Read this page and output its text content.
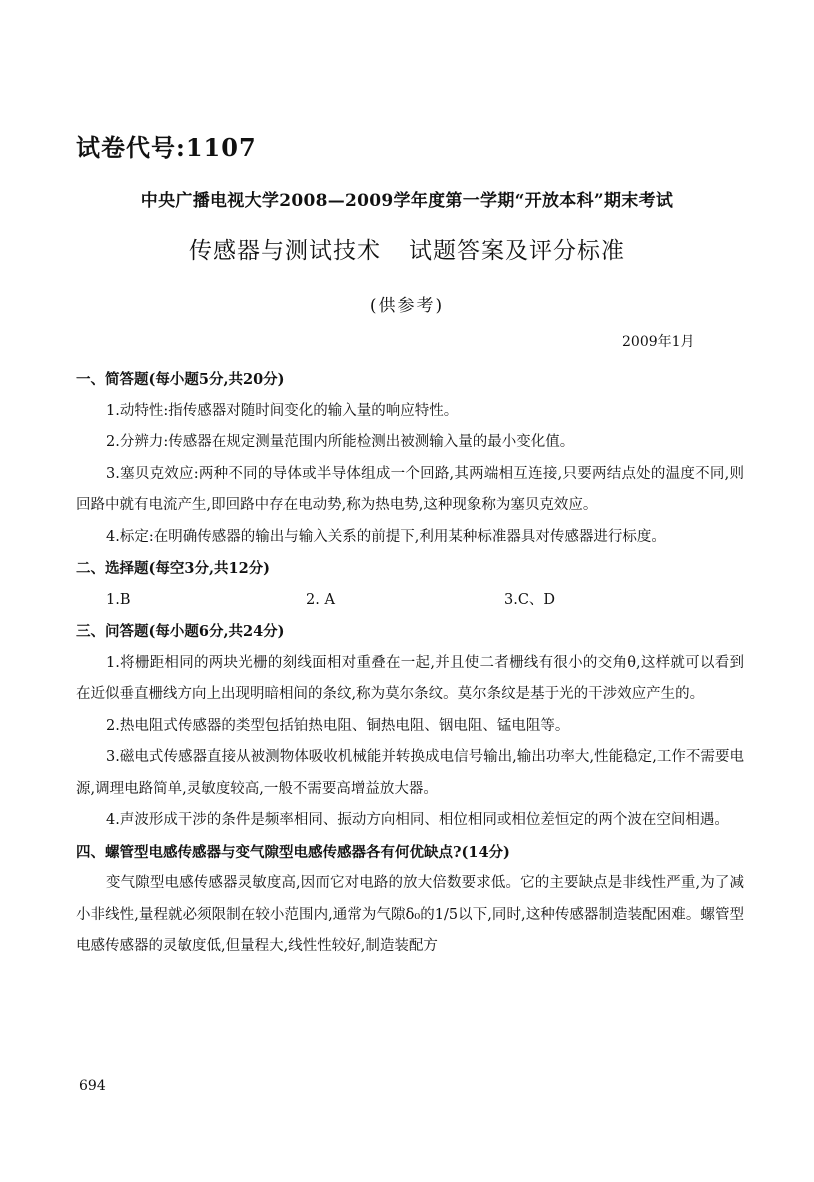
试卷代号:1107
中央广播电视大学2008—2009学年度第一学期“开放本科”期末考试
传感器与测试技术 试题答案及评分标准
(供参考)
2009年1月

一、简答题(每小题5分,共20分)

1.动特性:指传感器对随时间变化的输入量的响应特性。

2.分辨力:传感器在规定测量范围内所能检测出被测输入量的最小变化值。

3.塞贝克效应:两种不同的导体或半导体组成一个回路,其两端相互连接,只要两结点处的温度不同,则回路中就有电流产生,即回路中存在电动势,称为热电势,这种现象称为塞贝克效应。

4.标定:在明确传感器的输出与输入关系的前提下,利用某种标准器具对传感器进行标度。

二、选择题(每空3分,共12分)

1.B	2. A	3.C、D

三、问答题(每小题6分,共24分)

1.将栅距相同的两块光栅的刻线面相对重叠在一起,并且使二者栅线有很小的交角θ,这样就可以看到在近似垂直栅线方向上出现明暗相间的条纹,称为莫尔条纹。莫尔条纹是基于光的干涉效应产生的。

2.热电阻式传感器的类型包括铂热电阻、铜热电阻、铟电阻、锰电阻等。

3.磁电式传感器直接从被测物体吸收机械能并转换成电信号输出,输出功率大,性能稳定,工作不需要电源,调理电路简单,灵敏度较高,一般不需要高增益放大器。

4.声波形成干涉的条件是频率相同、振动方向相同、相位相同或相位差恒定的两个波在空间相遇。

四、螺管型电感传感器与变气隙型电感传感器各有何优缺点?(14分)

变气隙型电感传感器灵敏度高,因而它对电路的放大倍数要求低。它的主要缺点是非线性严重,为了减小非线性,量程就必须限制在较小范围内,通常为气隙δ₀的1/5以下,同时,这种传感器制造装配困难。螺管型电感传感器的灵敏度低,但量程大,线性性较好,制造装配方

694
